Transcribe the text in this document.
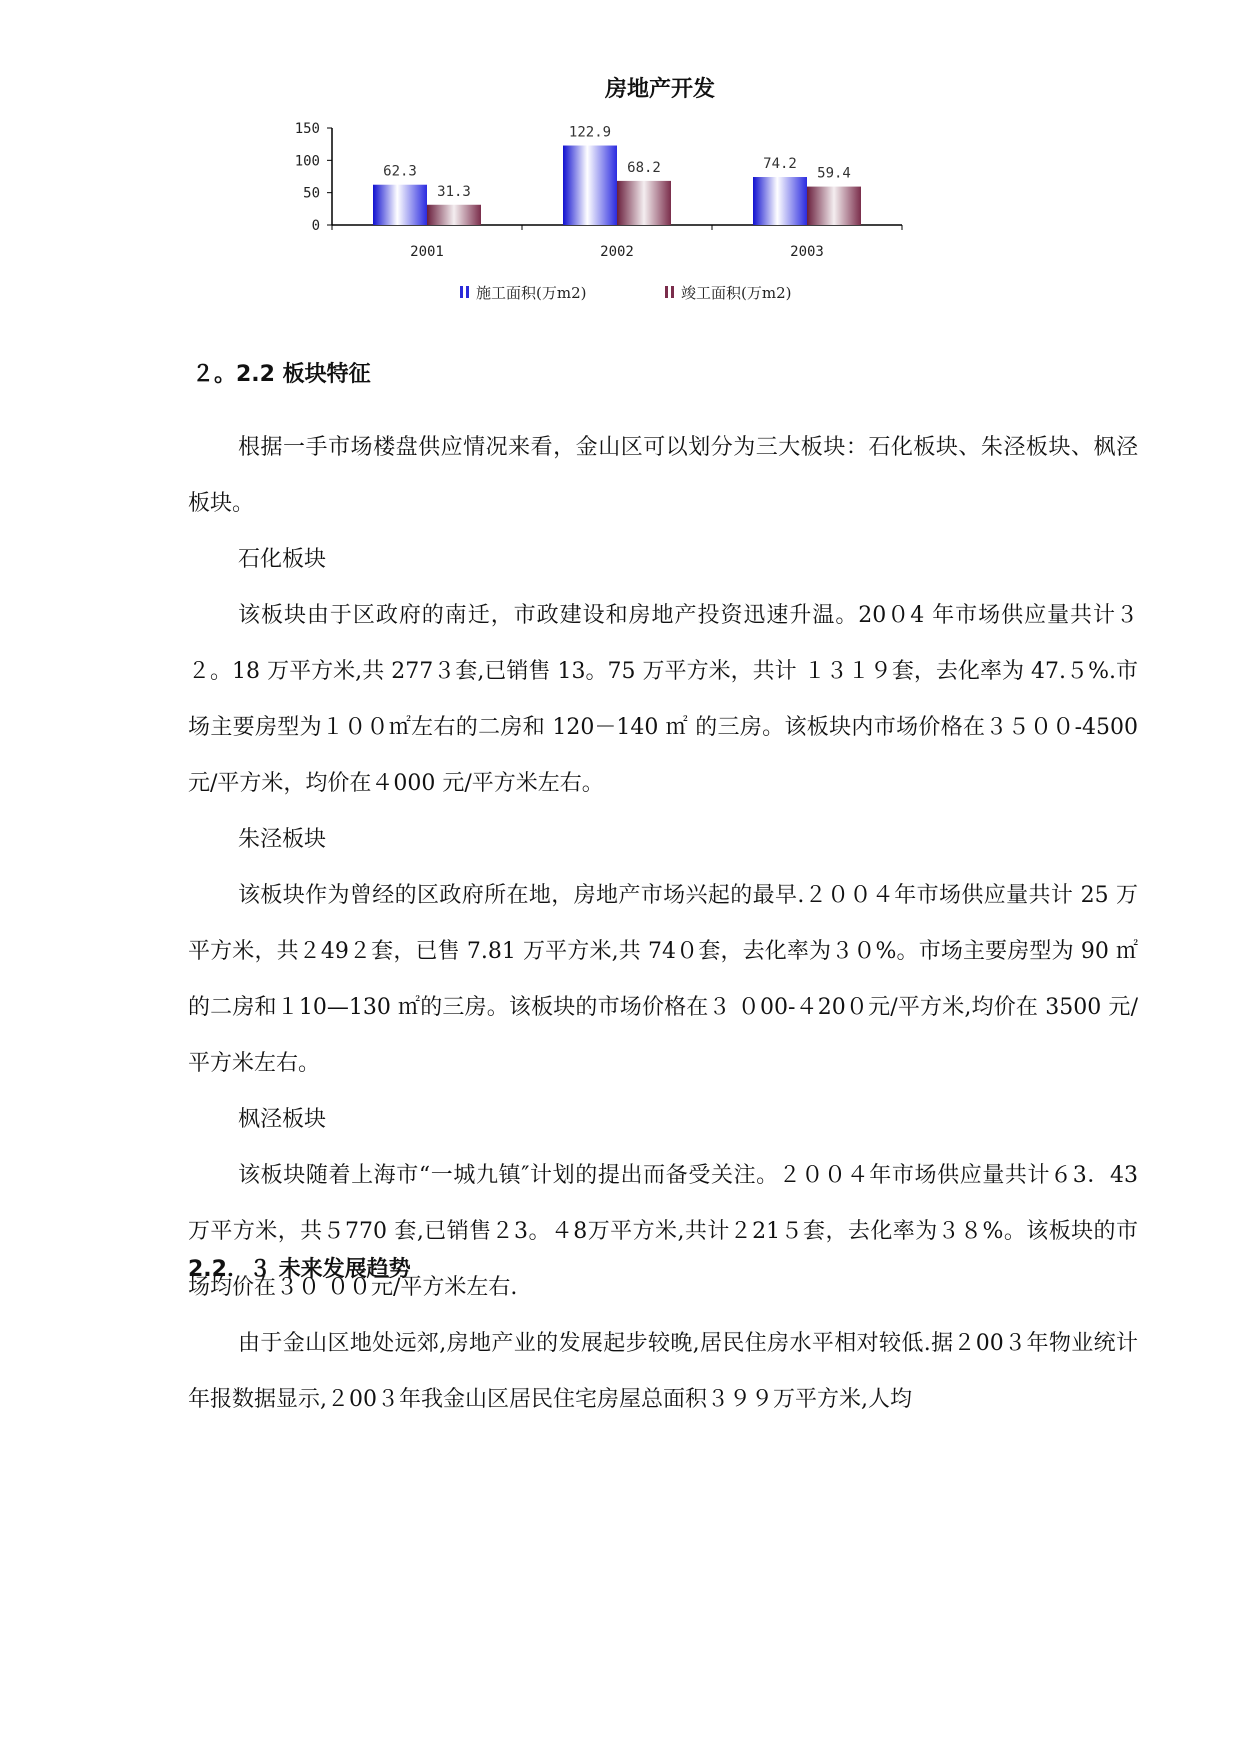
房地产开发
0
50
100
150
2001
62.3
31.3
2002
122.9
68.2
2003
74.2
59.4
施工面积(万m2)	竣工面积(万m2)
２。2.2 板块特征

根据一手市场楼盘供应情况来看，金山区可以划分为三大板块：石化板块、朱泾板块、枫泾板块。

石化板块

该板块由于区政府的南迁，市政建设和房地产投资迅速升温。20０4 年市场供应量共计３２。18 万平方米,共 277３套,已销售 13。75 万平方米，共计 １３１９套，去化率为 47.５%.市场主要房型为１００㎡左右的二房和 120－140 ㎡ 的三房。该板块内市场价格在３５００-4500 元/平方米，均价在４000 元/平方米左右。

朱泾板块

该板块作为曾经的区政府所在地，房地产市场兴起的最早.２００４年市场供应量共计 25 万平方米，共２49２套，已售 7.81 万平方米,共 74０套，去化率为３０%。市场主要房型为 90 ㎡的二房和１10—130 ㎡的三房。该板块的市场价格在３ ０00-４20０元/平方米,均价在 3500 元/平方米左右。

枫泾板块

该板块随着上海市“一城九镇″计划的提出而备受关注。２００４年市场供应量共计６3．43 万平方米，共５770 套,已销售２3。４8万平方米,共计２21５套，去化率为３８%。该板块的市场均价在３０ ００元/平方米左右.

2.2．３ 未来发展趋势

由于金山区地处远郊,房地产业的发展起步较晚,居民住房水平相对较低.据２00３年物业统计年报数据显示,２00３年我金山区居民住宅房屋总面积３９９万平方米,人均
